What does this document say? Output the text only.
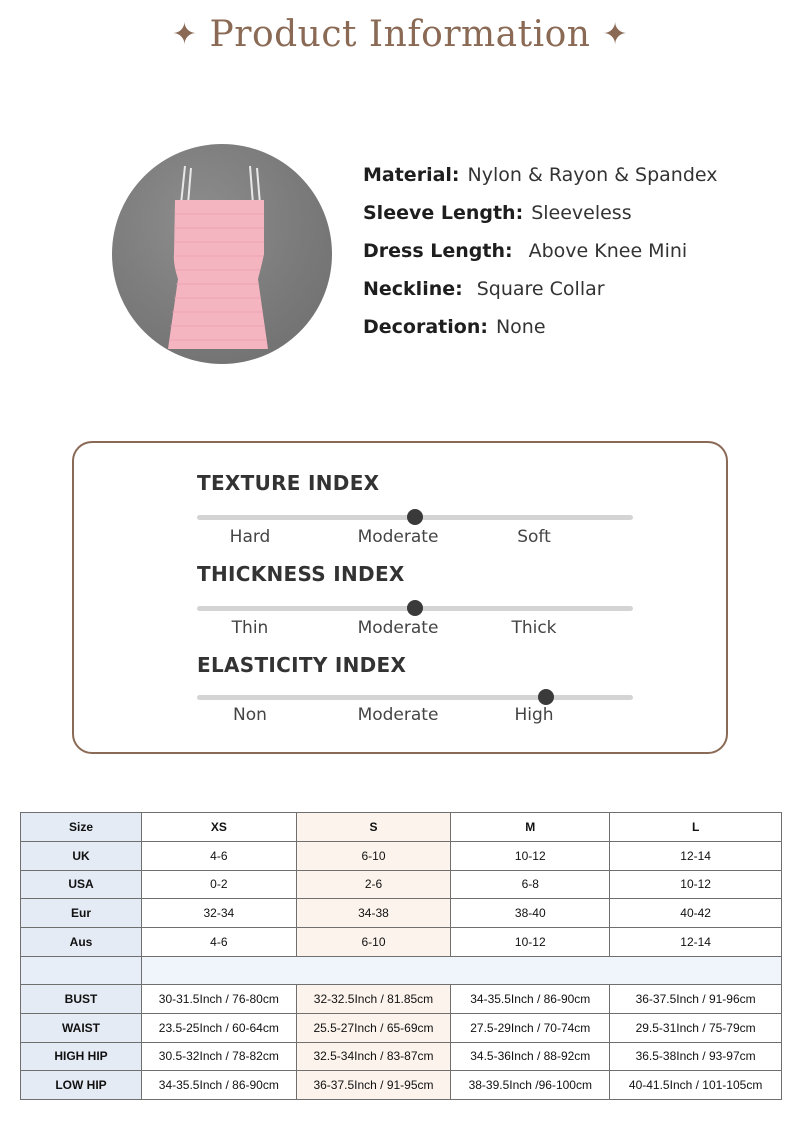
✦ Product Information ✦
Material: Nylon & Rayon & Spandex
Sleeve Length: Sleeveless
Dress Length: Above Knee Mini
Neckline: Square Collar
Decoration: None
TEXTURE INDEX
Hard	Moderate	Soft
THICKNESS INDEX
Thin	Moderate	Thick
ELASTICITY INDEX
Non	Moderate	High
Size	XS	S	M	L
UK	4-6	6-10	10-12	12-14
USA	0-2	2-6	6-8	10-12
Eur	32-34	34-38	38-40	40-42
Aus	4-6	6-10	10-12	12-14

BUST	30-31.5Inch / 76-80cm	32-32.5Inch / 81.85cm	34-35.5Inch / 86-90cm	36-37.5Inch / 91-96cm
WAIST	23.5-25Inch / 60-64cm	25.5-27Inch / 65-69cm	27.5-29Inch / 70-74cm	29.5-31Inch / 75-79cm
HIGH HIP	30.5-32Inch / 78-82cm	32.5-34Inch / 83-87cm	34.5-36Inch / 88-92cm	36.5-38Inch / 93-97cm
LOW HIP	34-35.5Inch / 86-90cm	36-37.5Inch / 91-95cm	38-39.5Inch /96-100cm	40-41.5Inch / 101-105cm
